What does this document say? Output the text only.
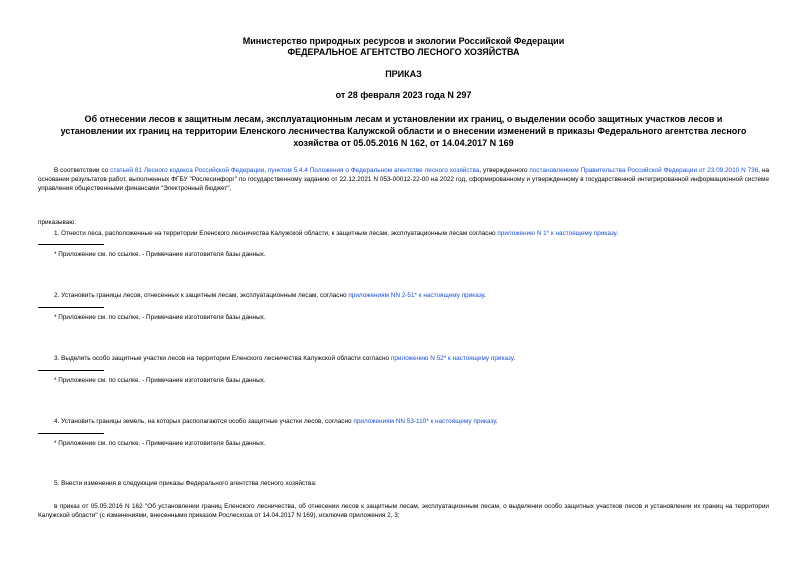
Министерство природных ресурсов и экологии Российской Федерации
ФЕДЕРАЛЬНОЕ АГЕНТСТВО ЛЕСНОГО ХОЗЯЙСТВА
ПРИКАЗ
от 28 февраля 2023 года N 297
Об отнесении лесов к защитным лесам, эксплуатационным лесам и установлении их границ, о выделении особо защитных участков лесов и установлении их границ на территории Еленского лесничества Калужской области и о внесении изменений в приказы Федерального агентства лесного хозяйства от 05.05.2016 N 162, от 14.04.2017 N 169
В соответствии со статьей 81 Лесного кодекса Российской Федерации, пунктом 5.4.4 Положения о Федеральном агентстве лесного хозяйства, утвержденного постановлением Правительства Российской Федерации от 23.09.2010 N 736, на основании результатов работ, выполненных ФГБУ "Рослесинфорг" по государственному заданию от 22.12.2021 N 053-00012-22-00 на 2022 год, сформированному и утвержденному в государственной интегрированной информационной системе управления общественными финансами "Электронный бюджет",
приказываю:
1. Отнести леса, расположенные на территории Еленского лесничества Калужской области, к защитным лесам, эксплуатационным лесам согласно приложению N 1* к настоящему приказу.
* Приложение см. по ссылке. - Примечание изготовителя базы данных.
2. Установить границы лесов, отнесенных к защитным лесам, эксплуатационным лесам, согласно приложениям NN 2-51* к настоящему приказу.
* Приложение см. по ссылке. - Примечание изготовителя базы данных.
3. Выделить особо защитные участки лесов на территории Еленского лесничества Калужской области согласно приложению N 52* к настоящему приказу.
* Приложение см. по ссылке. - Примечание изготовителя базы данных.
4. Установить границы земель, на которых располагаются особо защитные участки лесов, согласно приложениям NN 53-110* к настоящему приказу.
* Приложение см. по ссылке. - Примечание изготовителя базы данных.
5. Внести изменения в следующие приказы Федерального агентства лесного хозяйства:
в приказ от 05.05.2016 N 162 "Об установлении границ Еленского лесничества, об отнесении лесов к защитным лесам, эксплуатационным лесам, о выделении особо защитных участков лесов и установлении их границ на территории Калужской области" (с изменениями, внесенными приказом Рослесхоза от 14.04.2017 N 169), исключив приложения 2, 3;
